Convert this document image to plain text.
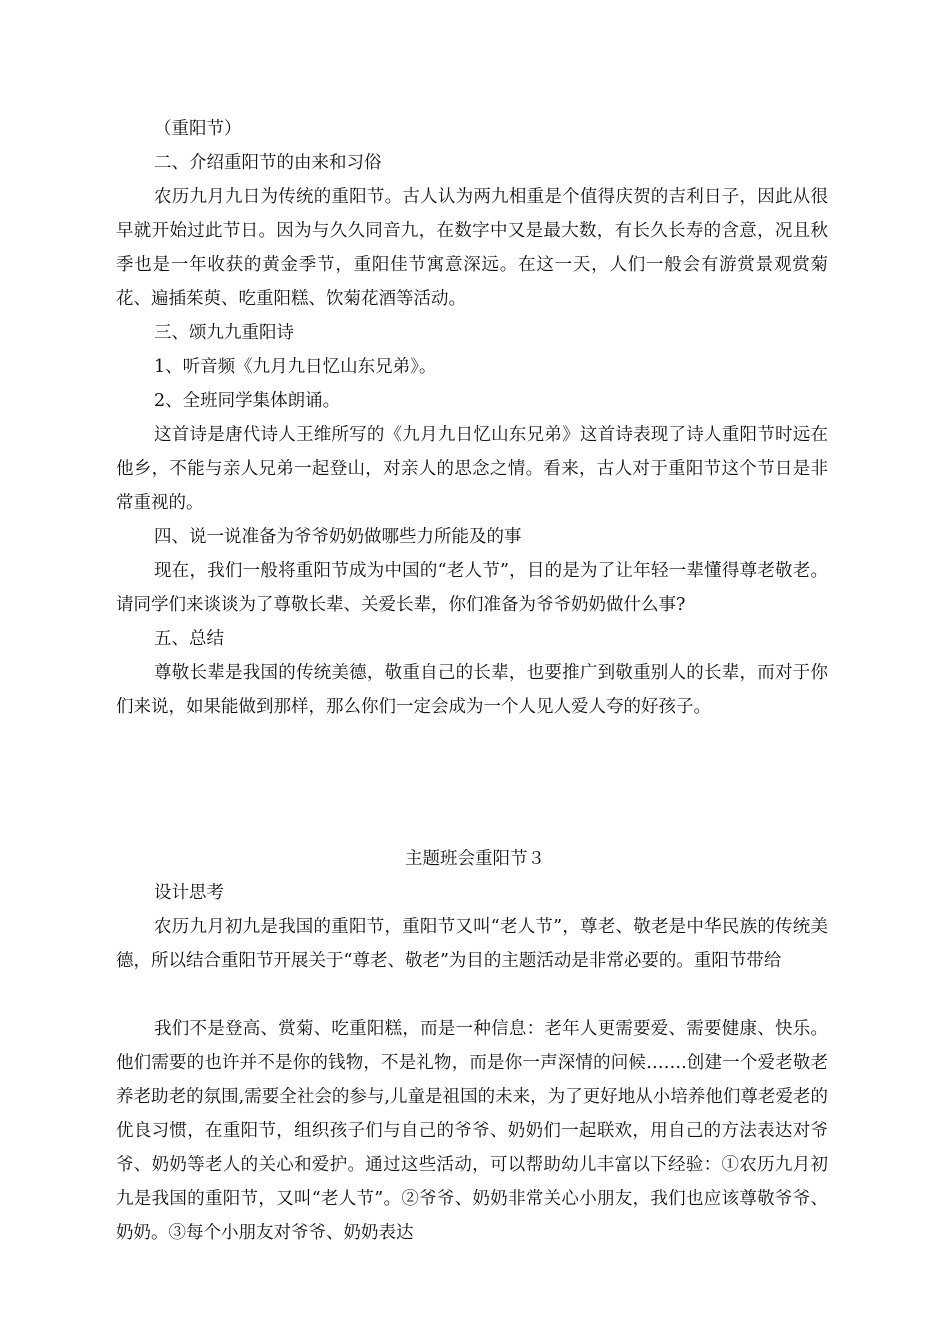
（重阳节）
二、介绍重阳节的由来和习俗
农历九月九日为传统的重阳节。古人认为两九相重是个值得庆贺的吉利日子，因此从很早就开始过此节日。因为与久久同音九，在数字中又是最大数，有长久长寿的含意，况且秋季也是一年收获的黄金季节，重阳佳节寓意深远。在这一天，人们一般会有游赏景观赏菊花、遍插茱萸、吃重阳糕、饮菊花酒等活动。
三、颂九九重阳诗
1、听音频《九月九日忆山东兄弟》。
2、全班同学集体朗诵。
这首诗是唐代诗人王维所写的《九月九日忆山东兄弟》这首诗表现了诗人重阳节时远在他乡，不能与亲人兄弟一起登山，对亲人的思念之情。看来，古人对于重阳节这个节日是非常重视的。
四、说一说准备为爷爷奶奶做哪些力所能及的事
现在，我们一般将重阳节成为中国的“老人节”，目的是为了让年轻一辈懂得尊老敬老。请同学们来谈谈为了尊敬长辈、关爱长辈，你们准备为爷爷奶奶做什么事?
五、总结
尊敬长辈是我国的传统美德，敬重自己的长辈，也要推广到敬重别人的长辈，而对于你们来说，如果能做到那样，那么你们一定会成为一个人见人爱人夸的好孩子。
主题班会重阳节３
设计思考
农历九月初九是我国的重阳节，重阳节又叫“老人节”，尊老、敬老是中华民族的传统美德，所以结合重阳节开展关于“尊老、敬老”为目的主题活动是非常必要的。重阳节带给
我们不是登高、赏菊、吃重阳糕，而是一种信息：老年人更需要爱、需要健康、快乐。他们需要的也许并不是你的钱物，不是礼物，而是你一声深情的问候…….创建一个爱老敬老养老助老的氛围,需要全社会的参与,儿童是祖国的未来，为了更好地从小培养他们尊老爱老的优良习惯，在重阳节，组织孩子们与自己的爷爷、奶奶们一起联欢，用自己的方法表达对爷爷、奶奶等老人的关心和爱护。通过这些活动，可以帮助幼儿丰富以下经验：①农历九月初九是我国的重阳节，又叫“老人节”。②爷爷、奶奶非常关心小朋友，我们也应该尊敬爷爷、奶奶。③每个小朋友对爷爷、奶奶表达
